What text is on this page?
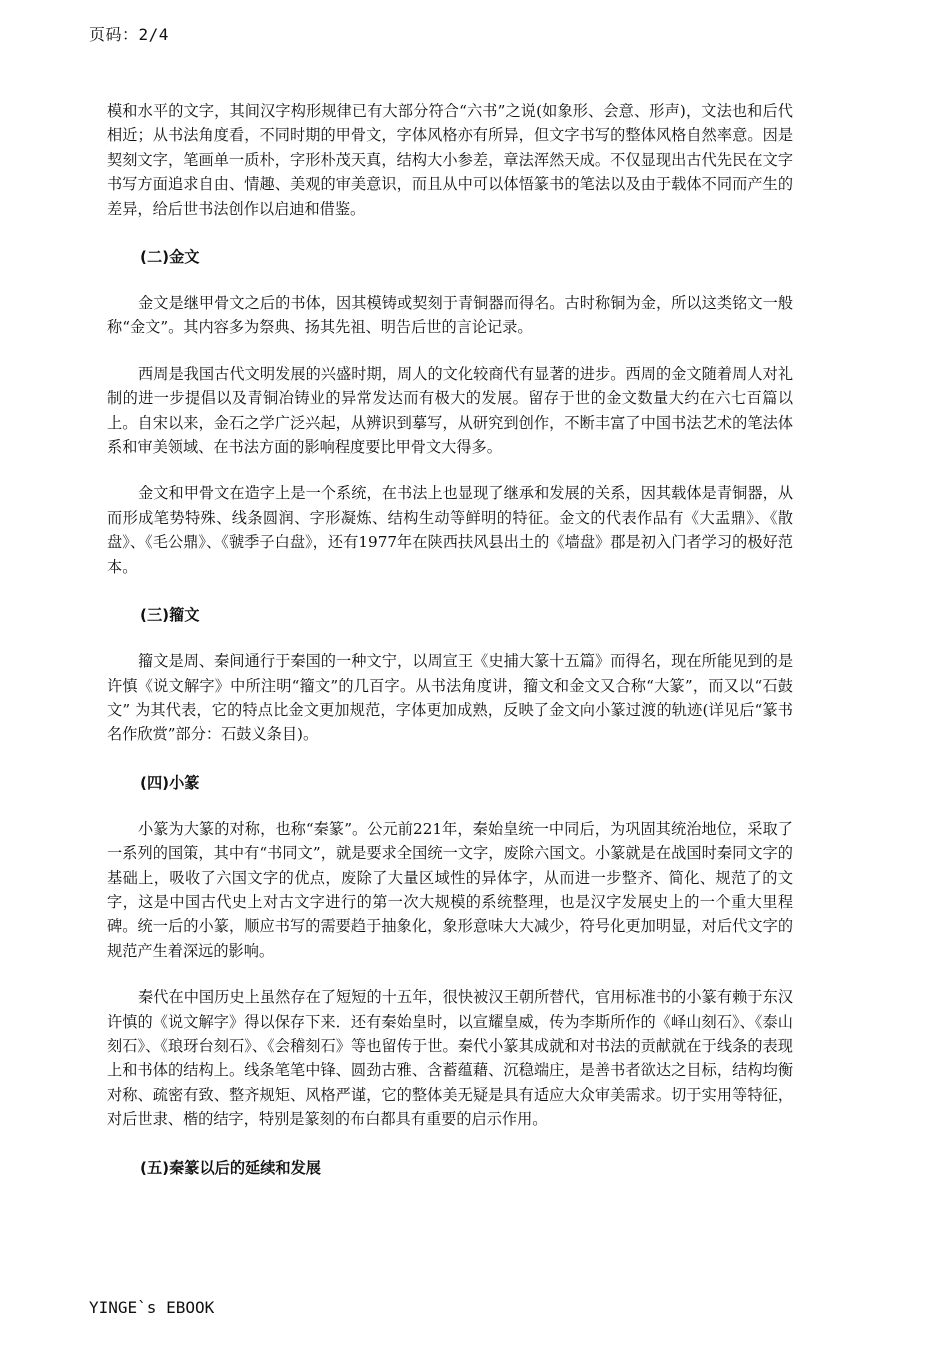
页码：2/4

模和水平的文字，其间汉字构形规律已有大部分符合“六书”之说(如象形、会意、形声)，文法也和后代相近；从书法角度看，不同时期的甲骨文，字体风格亦有所异，但文字书写的整体风格自然率意。因是契刻文字，笔画单一质朴，字形朴茂天真，结构大小参差，章法浑然天成。不仅显现出古代先民在文字书写方面追求自由、情趣、美观的审美意识，而且从中可以体悟篆书的笔法以及由于载体不同而产生的差异，给后世书法创作以启迪和借鉴。

(二)金文

金文是继甲骨文之后的书体，因其模铸或契刻于青铜器而得名。古时称铜为金，所以这类铭文一般称“金文”。其内容多为祭典、扬其先祖、明告后世的言论记录。

西周是我国古代文明发展的兴盛时期，周人的文化较商代有显著的进步。西周的金文随着周人对礼制的进一步提倡以及青铜冶铸业的异常发达而有极大的发展。留存于世的金文数量大约在六七百篇以上。自宋以来，金石之学广泛兴起，从辨识到摹写，从研究到创作，不断丰富了中国书法艺术的笔法体系和审美领域、在书法方面的影响程度要比甲骨文大得多。

金文和甲骨文在造字上是一个系统，在书法上也显现了继承和发展的关系，因其载体是青铜器，从而形成笔势特殊、线条圆润、字形凝炼、结构生动等鲜明的特征。金文的代表作品有《大盂鼎》、《散盘》、《毛公鼎》、《虢季子白盘》，还有1977年在陕西扶风县出土的《墙盘》郡是初入门者学习的极好范本。

(三)籀文

籀文是周、秦间通行于秦国的一种文宁，以周宣王《史捕大篆十五篇》而得名，现在所能见到的是许慎《说文解字》中所注明“籀文”的几百字。从书法角度讲，籀文和金文又合称“大篆”，而又以“石鼓文” 为其代表，它的特点比金文更加规范，字体更加成熟，反映了金文向小篆过渡的轨迹(详见后“篆书名作欣赏”部分：石鼓义条目)。

(四)小篆

小篆为大篆的对称，也称“秦篆”。公元前221年，秦始皇统一中同后，为巩固其统治地位，采取了一系列的国策，其中有“书同文”，就是要求全国统一文字，废除六国文。小篆就是在战国时秦同文字的基础上，吸收了六国文字的优点，废除了大量区域性的异体字，从而进一步整齐、简化、规范了的文字，这是中国古代史上对古文字进行的第一次大规模的系统整理，也是汉字发展史上的一个重大里程碑。统一后的小篆，顺应书写的需要趋于抽象化，象形意味大大减少，符号化更加明显，对后代文字的规范产生着深远的影响。

秦代在中国历史上虽然存在了短短的十五年，很快被汉王朝所替代，官用标准书的小篆有赖于东汉许慎的《说文解字》得以保存下来．还有秦始皇时，以宣耀皇威，传为李斯所作的《峄山刻石》、《泰山刻石》、《琅玡台刻石》、《会稽刻石》等也留传于世。秦代小篆其成就和对书法的贡献就在于线条的表现上和书体的结构上。线条笔笔中锋、圆劲古雅、含蓄蕴藉、沉稳端庄，是善书者欲达之目标，结构均衡对称、疏密有致、整齐规矩、风格严谨，它的整体美无疑是具有适应大众审美需求。切于实用等特征，对后世隶、楷的结字，特别是篆刻的布白都具有重要的启示作用。

(五)秦篆以后的延续和发展
YINGE`s EBOOK
